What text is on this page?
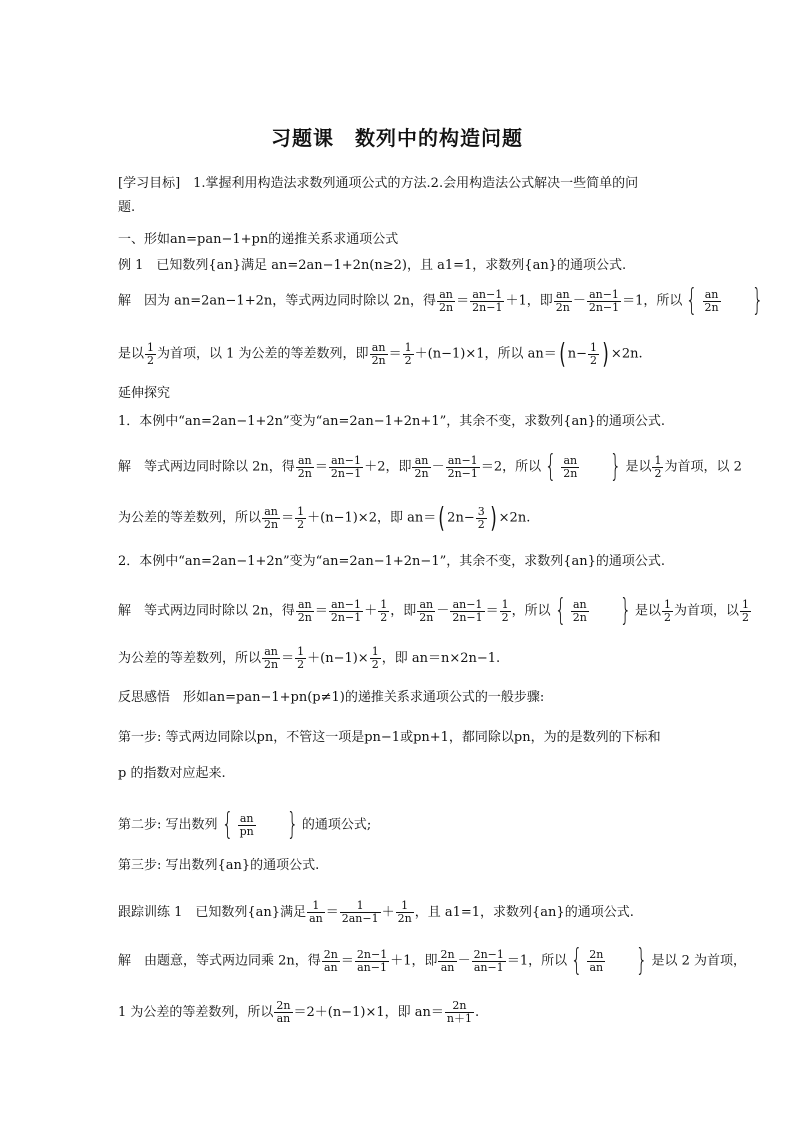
习题课　数列中的构造问题
[学习目标]　1.掌握利用构造法求数列通项公式的方法.2.会用构造法公式解决一些简单的问
题.
一、形如an=pan−1+pn的递推关系求通项公式
例 1　已知数列{an}满足 an=2an−1+2n(n≥2)，且 a1=1，求数列{an}的通项公式.
解　因为 an=2an−1+2n，等式两边同时除以 2n，得 $\frac{an}{2n} = \frac{an-1}{2n-1} +1$，即 $\frac{an}{2n} - \frac{an-1}{2n-1} =1$，所以 { $\frac{an}{2n}$ }
是以 $\frac{1}{2}$ 为首项，以 1 为公差的等差数列，即 $\frac{an}{2n} = \frac{1}{2} +(n-1)\times 1$，所以 an＝( $n- \frac{1}{2}$ ) ×2n.
延伸探究
1．本例中“an=2an−1+2n”变为“an=2an−1+2n+1”，其余不变，求数列{an}的通项公式.
解　等式两边同时除以 2n，得 $\frac{an}{2n} = \frac{an-1}{2n-1} +2$，即 $\frac{an}{2n} - \frac{an-1}{2n-1} =2$，所以 { $\frac{an}{2n}$ } 是以 $\frac{1}{2}$ 为首项，以 2
为公差的等差数列，所以 $\frac{an}{2n} = \frac{1}{2} +(n-1)\times 2$，即 an＝( $2n- \frac{3}{2}$ ) ×2n.
2．本例中“an=2an−1+2n”变为“an=2an−1+2n−1”，其余不变，求数列{an}的通项公式.
解　等式两边同时除以 2n，得 $\frac{an}{2n} = \frac{an-1}{2n-1} + \frac{1}{2}$ ，即 $\frac{an}{2n} - \frac{an-1}{2n-1} = \frac{1}{2}$ ，所以 { $\frac{an}{2n}$ } 是以 $\frac{1}{2}$ 为首项，以 $\frac{1}{2}$
为公差的等差数列，所以 $\frac{an}{2n} = \frac{1}{2} +(n-1)\times \frac{1}{2}$ ，即 an＝n×2n−1.
反思感悟　形如an=pan−1+pn(p≠1)的递推关系求通项公式的一般步骤:
第一步: 等式两边同除以pn，不管这一项是pn−1或pn+1，都同除以pn，为的是数列的下标和
p 的指数对应起来.
第二步: 写出数列 { $\frac{an}{pn}$ } 的通项公式;
第三步: 写出数列{an}的通项公式.
跟踪训练 1　已知数列{an}满足 $\frac{1}{an} = \frac{1}{2an-1} + \frac{1}{2n}$ ，且 a1=1，求数列{an}的通项公式.
解　由题意，等式两边同乘 2n，得 $\frac{2n}{an} = \frac{2n-1}{an-1} +1$，即 $\frac{2n}{an} - \frac{2n-1}{an-1} =1$，所以 { $\frac{2n}{an}$ } 是以 2 为首项，
1 为公差的等差数列，所以 $\frac{2n}{an} =2+(n-1)\times 1$，即 $an= \frac{2n}{n+1}$ .
